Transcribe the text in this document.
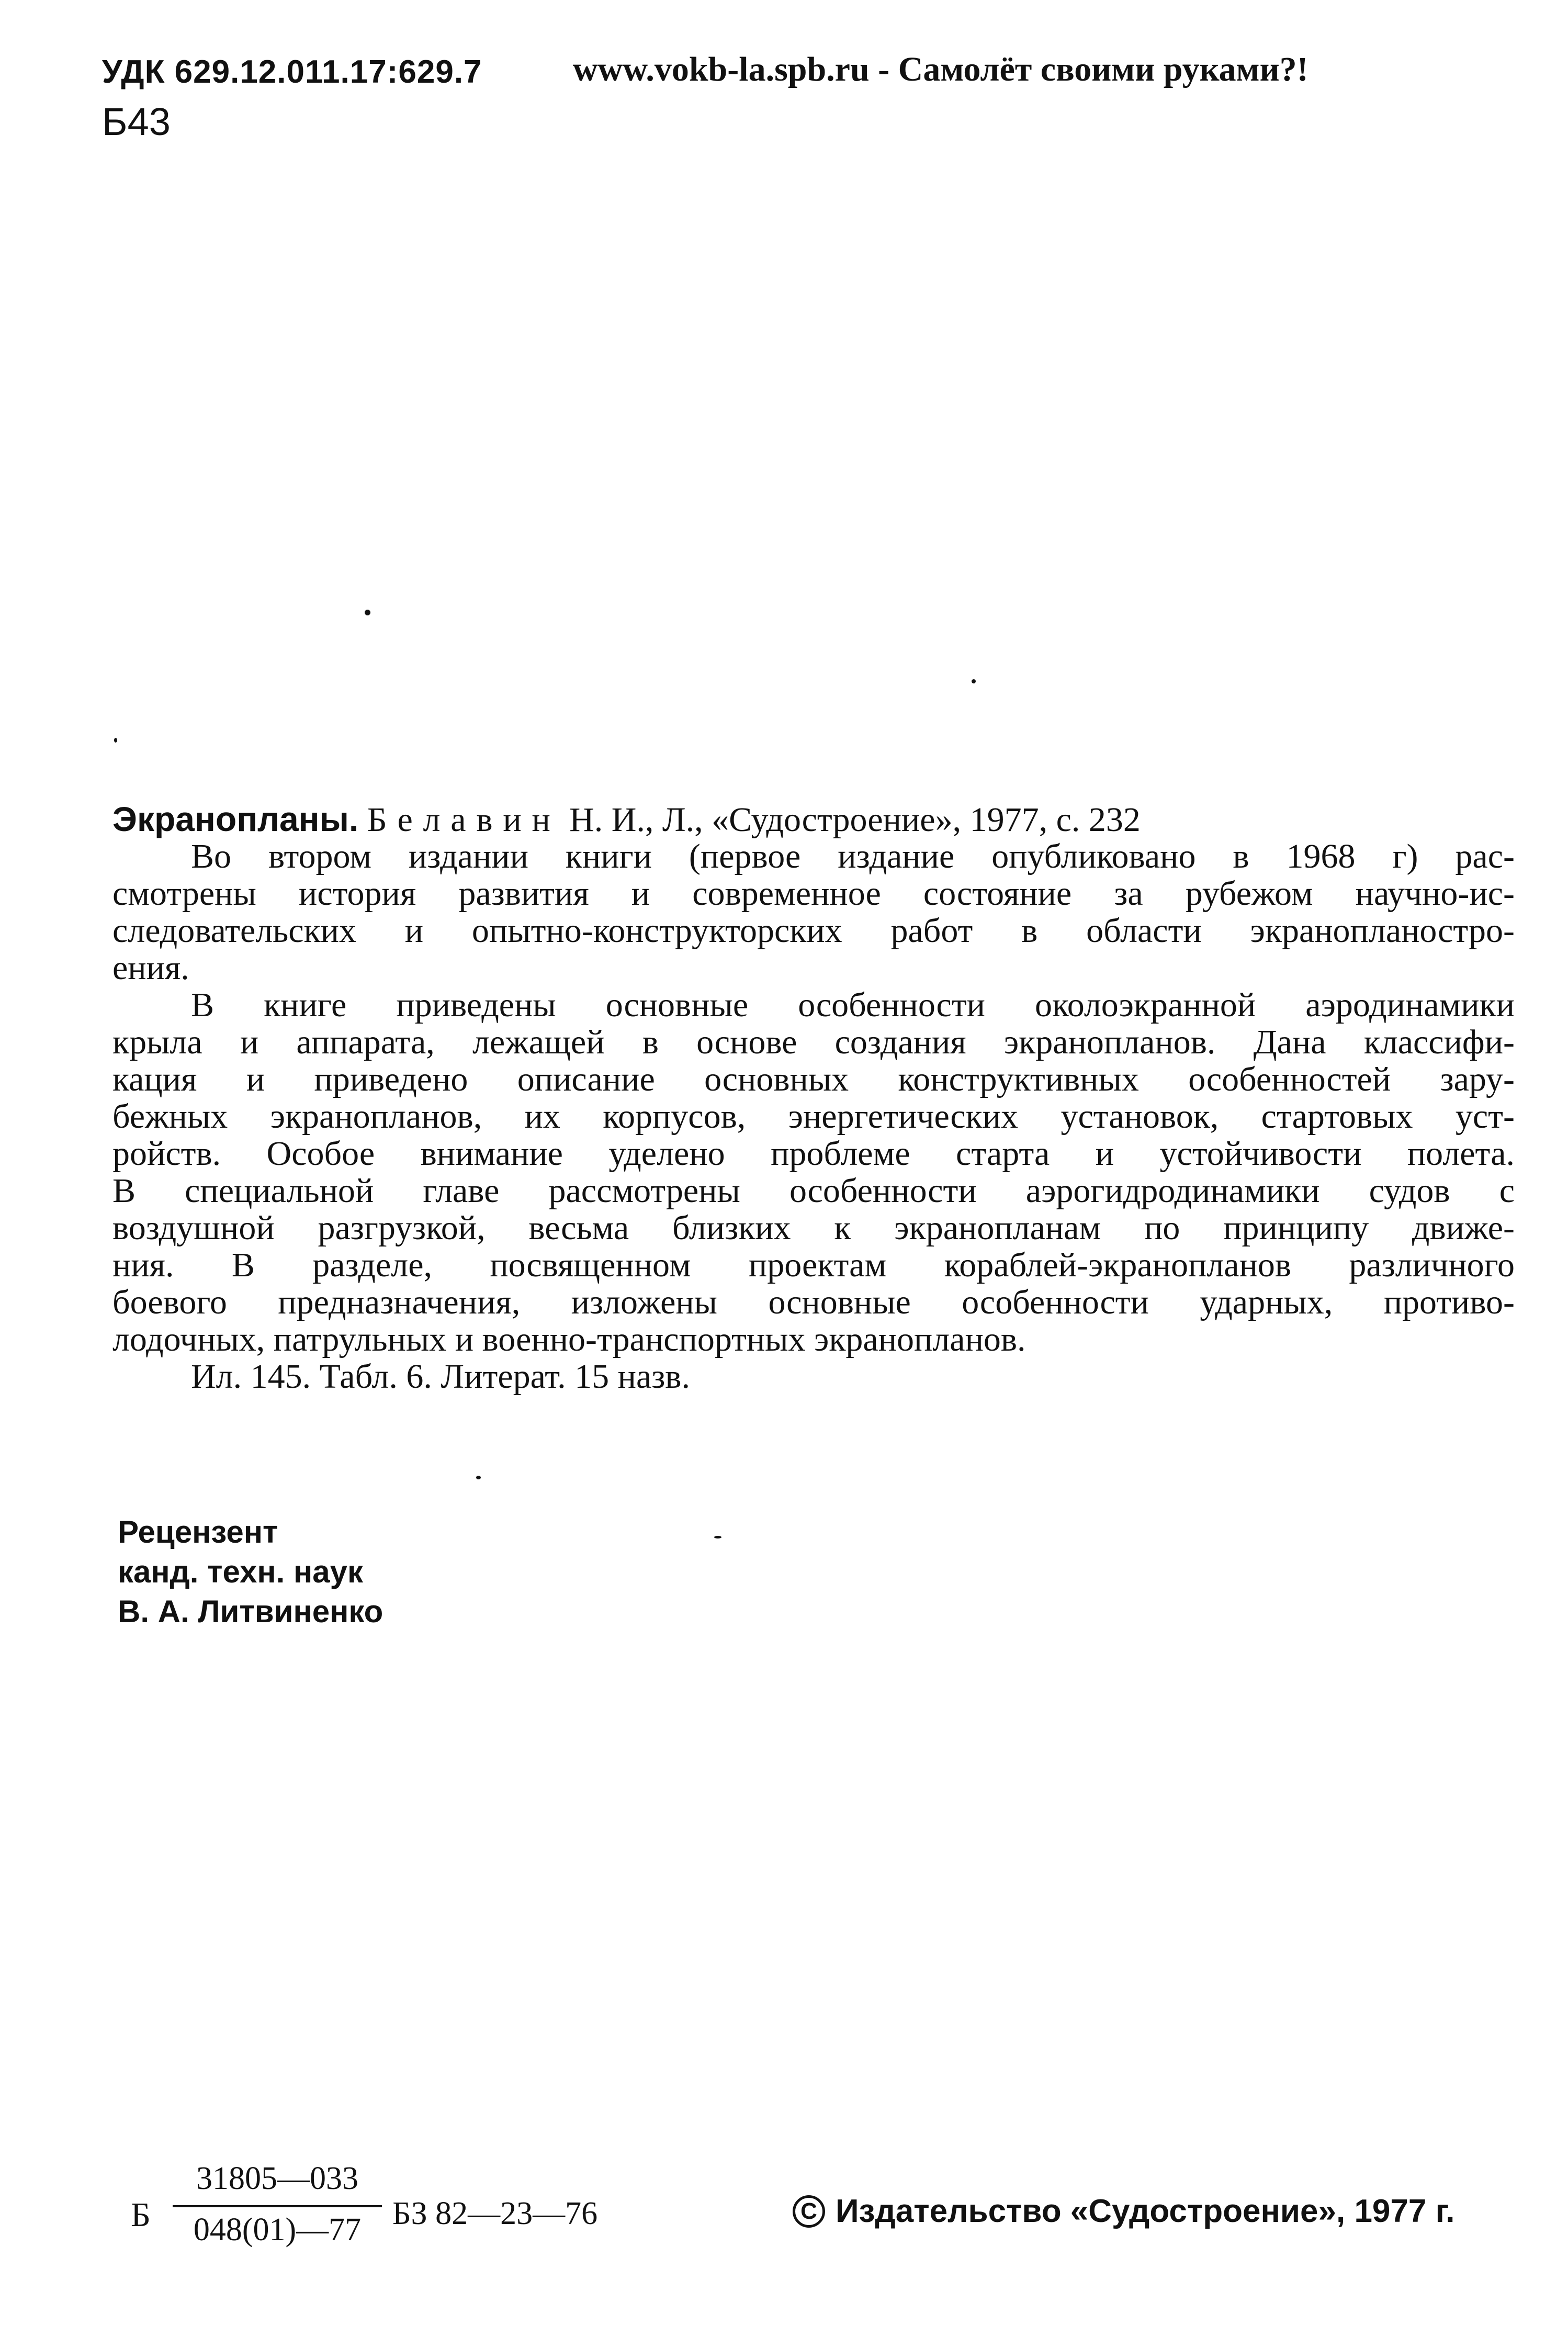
УДК 629.12.011.17:629.7	www.vokb-la.spb.ru - Самолёт своими руками?!
Б43
Экранопланы. Белавин Н. И., Л., «Судостроение», 1977, с. 232
Во втором издании книги (первое издание опубликовано в 1968 г) рас-
смотрены история развития и современное состояние за рубежом научно-ис-
следовательских и опытно-конструкторских работ в области экранопланостро-
ения.
В книге приведены основные особенности околоэкранной аэродинамики
крыла и аппарата, лежащей в основе создания экранопланов. Дана классифи-
кация и приведено описание основных конструктивных особенностей зару-
бежных экранопланов, их корпусов, энергетических установок, стартовых уст-
ройств. Особое внимание уделено проблеме старта и устойчивости полета.
В специальной главе рассмотрены особенности аэрогидродинамики судов с
воздушной разгрузкой, весьма близких к экранопланам по принципу движе-
ния. В разделе, посвященном проектам кораблей-экранопланов различного
боевого предназначения, изложены основные особенности ударных, противо-
лодочных, патрульных и военно-транспортных экранопланов.
Ил. 145. Табл. 6. Литерат. 15 назв.
Рецензент
канд. техн. наук
В. А. Литвиненко
Б $\frac{31805—033}{048(01)—77}$ БЗ 82—23—76	C Издательство «Судостроение», 1977 г.
